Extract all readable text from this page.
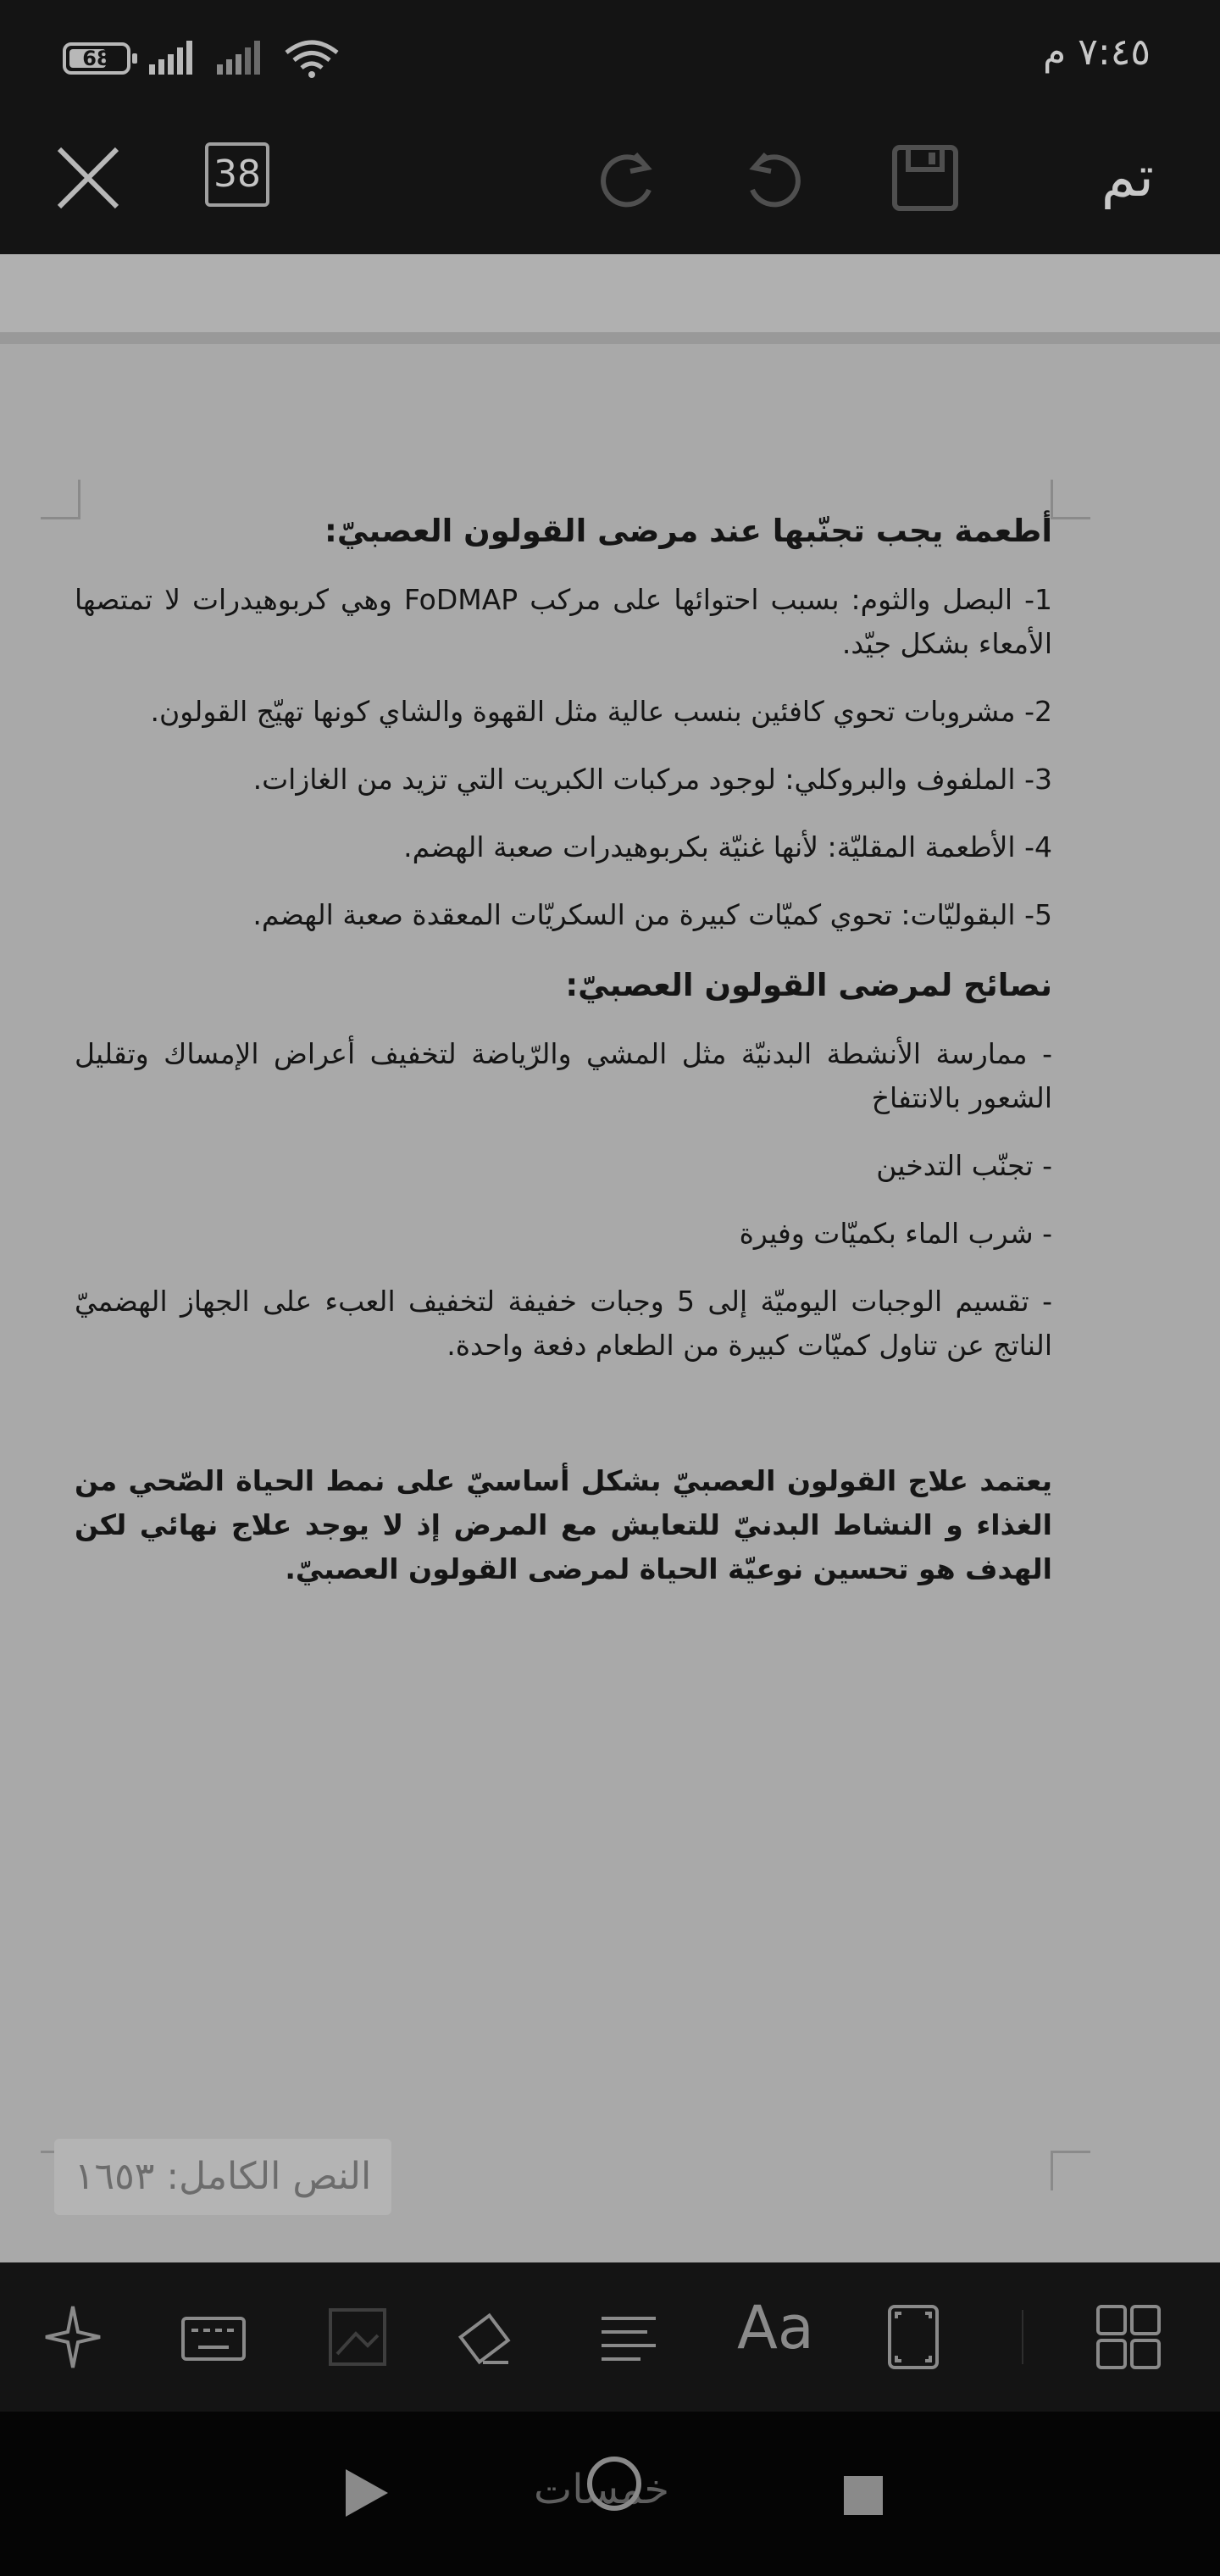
68	٧:٤٥ م
38	تم
أطعمة يجب تجنّبها عند مرضى القولون العصبيّ:

1- البصل والثوم: بسبب احتوائها على مركب FoDMAP وهي كربوهيدرات لا تمتصها الأمعاء بشكل جيّد.

2- مشروبات تحوي كافئين بنسب عالية مثل القهوة والشاي كونها تهيّج القولون.

3- الملفوف والبروكلي: لوجود مركبات الكبريت التي تزيد من الغازات.

4- الأطعمة المقليّة: لأنها غنيّة بكربوهيدرات صعبة الهضم.

5- البقوليّات: تحوي كميّات كبيرة من السكريّات المعقدة صعبة الهضم.

نصائح لمرضى القولون العصبيّ:

- ممارسة الأنشطة البدنيّة مثل المشي والرّياضة لتخفيف أعراض الإمساك وتقليل الشعور بالانتفاخ

- تجنّب التدخين

- شرب الماء بكميّات وفيرة

- تقسيم الوجبات اليوميّة إلى 5 وجبات خفيفة لتخفيف العبء على الجهاز الهضميّ الناتج عن تناول كميّات كبيرة من الطعام دفعة واحدة.

يعتمد علاج القولون العصبيّ بشكل أساسيّ على نمط الحياة الصّحي من الغذاء و النشاط البدنيّ للتعايش مع المرض إذ لا يوجد علاج نهائي لكن الهدف هو تحسين نوعيّة الحياة لمرضى القولون العصبيّ.

النص الكامل: ١٦٥٣
Aa
خمسات
